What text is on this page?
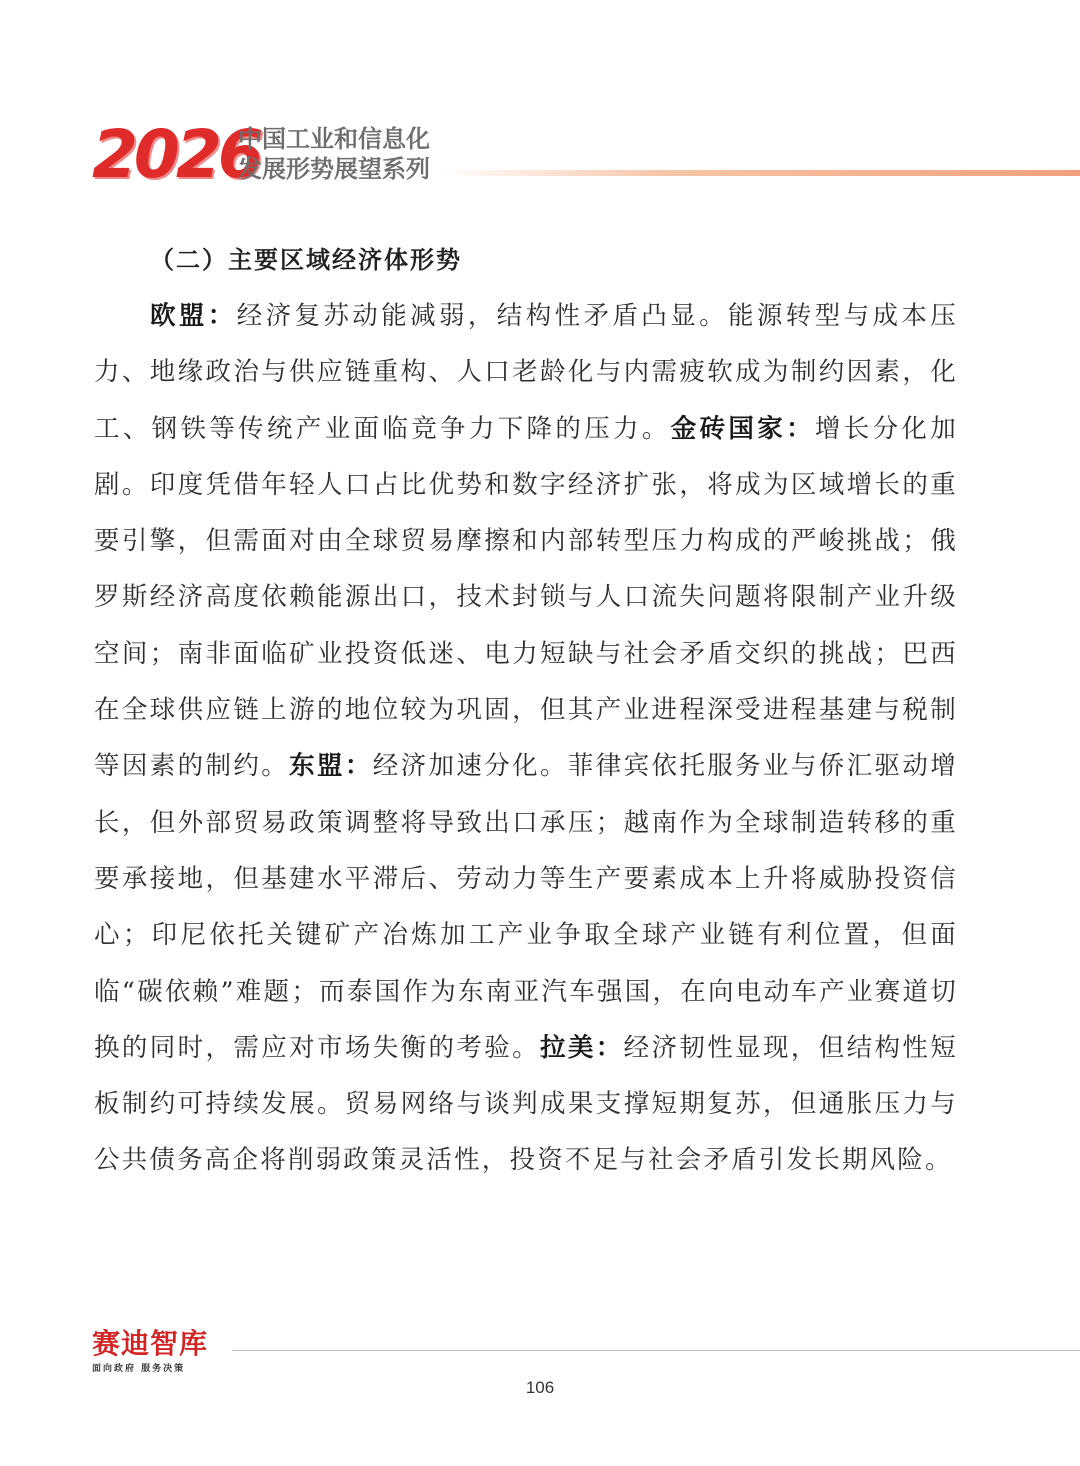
2026
中国工业和信息化
发展形势展望系列
（二）主要区域经济体形势

欧盟：经济复苏动能减弱，结构性矛盾凸显。能源转型与成本压力、地缘政治与供应链重构、人口老龄化与内需疲软成为制约因素，化工、钢铁等传统产业面临竞争力下降的压力。金砖国家：增长分化加剧。印度凭借年轻人口占比优势和数字经济扩张，将成为区域增长的重要引擎，但需面对由全球贸易摩擦和内部转型压力构成的严峻挑战；俄罗斯经济高度依赖能源出口，技术封锁与人口流失问题将限制产业升级空间；南非面临矿业投资低迷、电力短缺与社会矛盾交织的挑战；巴西在全球供应链上游的地位较为巩固，但其产业进程深受进程基建与税制等因素的制约。东盟：经济加速分化。菲律宾依托服务业与侨汇驱动增长，但外部贸易政策调整将导致出口承压；越南作为全球制造转移的重要承接地，但基建水平滞后、劳动力等生产要素成本上升将威胁投资信心；印尼依托关键矿产冶炼加工产业争取全球产业链有利位置，但面临“碳依赖”难题；而泰国作为东南亚汽车强国，在向电动车产业赛道切换的同时，需应对市场失衡的考验。拉美：经济韧性显现，但结构性短板制约可持续发展。贸易网络与谈判成果支撑短期复苏，但通胀压力与公共债务高企将削弱政策灵活性，投资不足与社会矛盾引发长期风险。

赛迪智库
面向政府 服务决策
106
